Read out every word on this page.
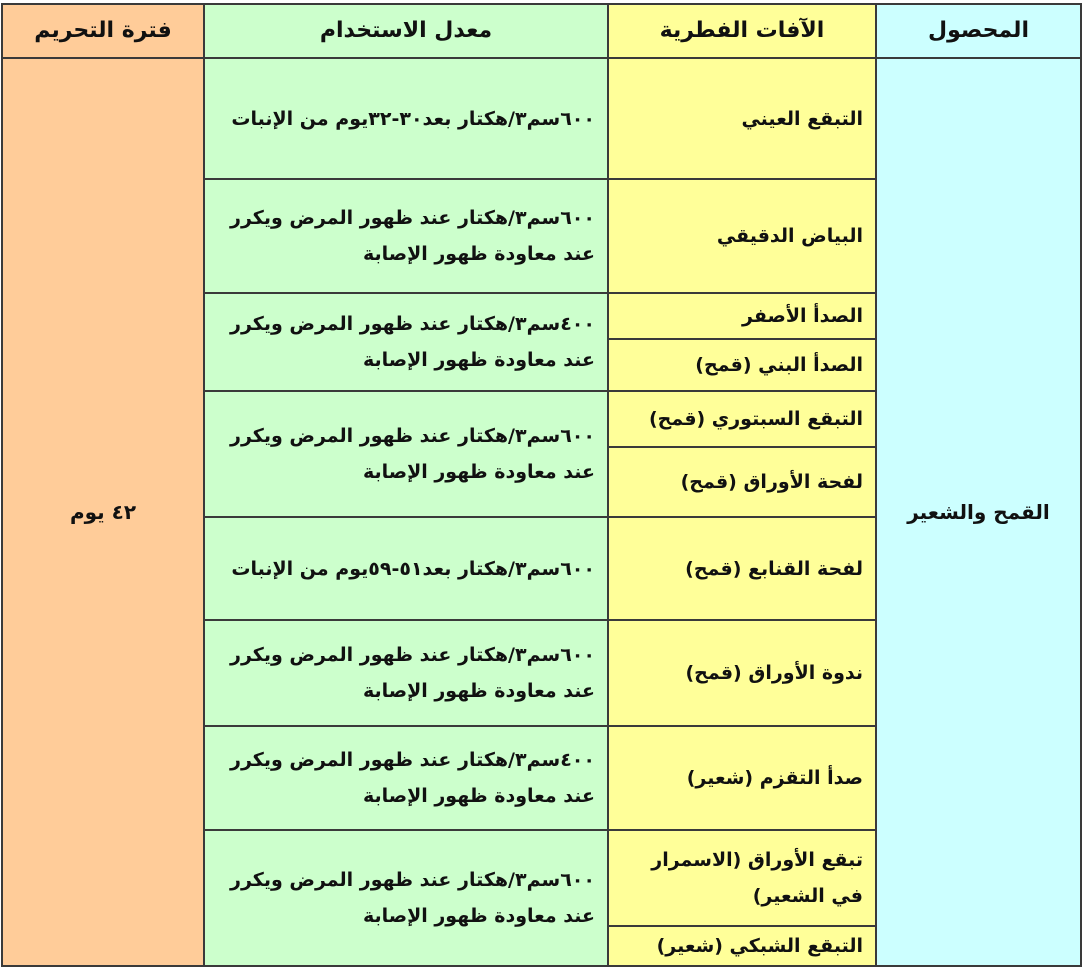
المحصول	الآفات الفطرية	معدل الاستخدام	فترة التحريم
القمح والشعير	التبقع العيني	٦٠٠سم٣/هكتار بعد٣٠-٣٢يوم من الإنبات	٤٢ يوم
	البياض الدقيقي	٦٠٠سم٣/هكتار عند ظهور المرض ويكرر عند معاودة ظهور الإصابة	
	الصدأ الأصفر	٤٠٠سم٣/هكتار عند ظهور المرض ويكرر عند معاودة ظهور الإصابة	
	الصدأ البني (قمح)		
	التبقع السبتوري (قمح)	٦٠٠سم٣/هكتار عند ظهور المرض ويكرر عند معاودة ظهور الإصابة	
	لفحة الأوراق (قمح)		
	لفحة القنابع (قمح)	٦٠٠سم٣/هكتار بعد٥١-٥٩يوم من الإنبات	
	ندوة الأوراق (قمح)	٦٠٠سم٣/هكتار عند ظهور المرض ويكرر عند معاودة ظهور الإصابة	
	صدأ التقزم (شعير)	٤٠٠سم٣/هكتار عند ظهور المرض ويكرر عند معاودة ظهور الإصابة	
	تبقع الأوراق (الاسمرار في الشعير)	٦٠٠سم٣/هكتار عند ظهور المرض ويكرر عند معاودة ظهور الإصابة	
	التبقع الشبكي (شعير)		
